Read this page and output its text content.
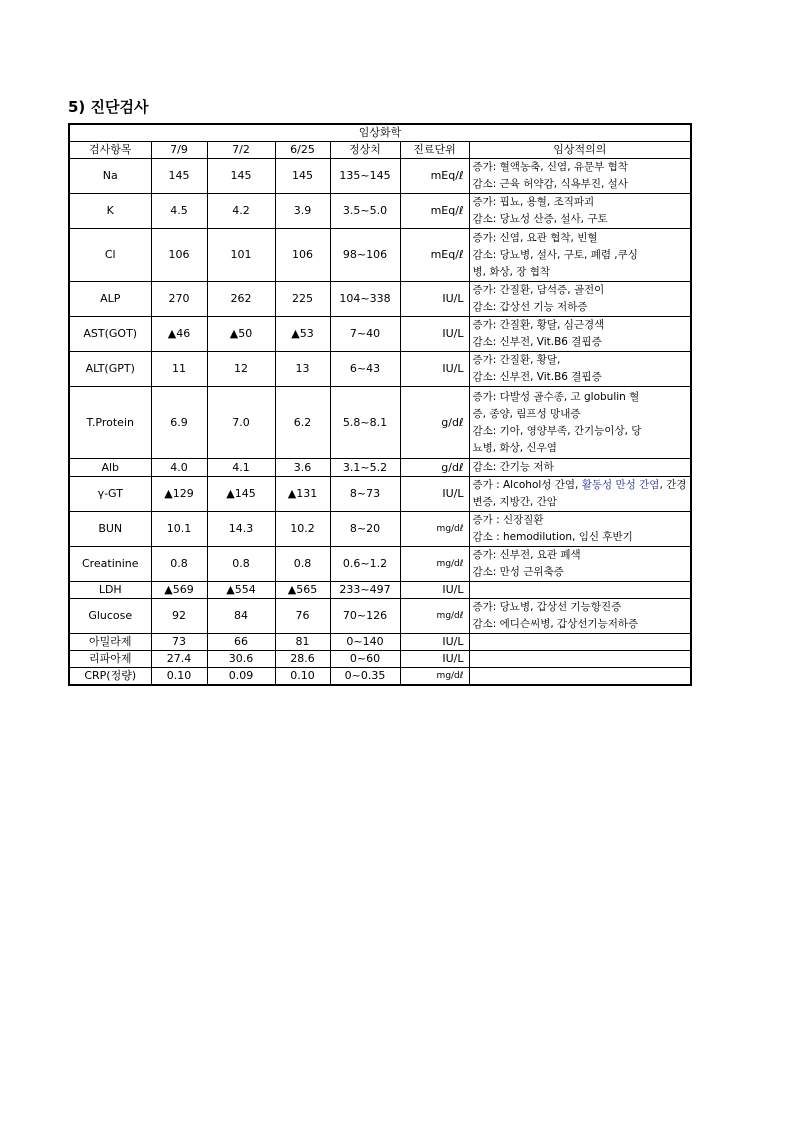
5) 진단검사
임상화학						
검사항목	7/9	7/2	6/25	정상치	진료단위	임상적의의
Na	145	145	145	135~145	mEq/ℓ	증가: 혈액농축, 신염, 유문부 협착
감소: 근육 허약감, 식욕부진, 설사

K	4.5	4.2	3.9	3.5~5.0	mEq/ℓ	증가: 핍뇨, 용혈, 조직파괴
감소: 당뇨성 산증, 설사, 구토

Cl	106	101	106	98~106	mEq/ℓ	증가: 신염, 요관 협착, 빈혈
감소: 당뇨병, 설사, 구토, 폐렴 ,쿠싱
병, 화상, 장 협착

ALP	270	262	225	104~338	IU/L	증가: 간질환, 담석증, 골전이
감소: 갑상선 기능 저하증

AST(GOT)	▲46	▲50	▲53	7~40	IU/L	증가: 간질환, 황달, 심근경색
감소: 신부전, Vit.B6 결핍증

ALT(GPT)	11	12	13	6~43	IU/L	증가: 간질환, 황달,
감소: 신부전, Vit.B6 결핍증

T.Protein	6.9	7.0	6.2	5.8~8.1	g/dℓ	증가: 다발성 골수종, 고 globulin 혈
증, 종양, 림프성 망내증
감소: 기아, 영양부족, 간기능이상, 당
뇨병, 화상, 신우염

Alb	4.0	4.1	3.6	3.1~5.2	g/dℓ	감소: 간기능 저하

γ-GT	▲129	▲145	▲131	8~73	IU/L	증가 : Alcohol성 간염, 활동성 만성 간염, 간경변증, 지방간, 간암
BUN	10.1	14.3	10.2	8~20	mg/dℓ	증가 : 신장질환
감소 : hemodilution, 임신 후반기

Creatinine	0.8	0.8	0.8	0.6~1.2	mg/dℓ	증가: 신부전, 요관 폐색
감소: 만성 근위축증

LDH	▲569	▲554	▲565	233~497	IU/L	
Glucose	92	84	76	70~126	mg/dℓ	증가: 당뇨병, 갑상선 기능항진증
감소: 에디슨씨병, 갑상선기능저하증

아밀라제	73	66	81	0~140	IU/L	
리파아제	27.4	30.6	28.6	0~60	IU/L	
CRP(정량)	0.10	0.09	0.10	0~0.35	mg/dℓ	
